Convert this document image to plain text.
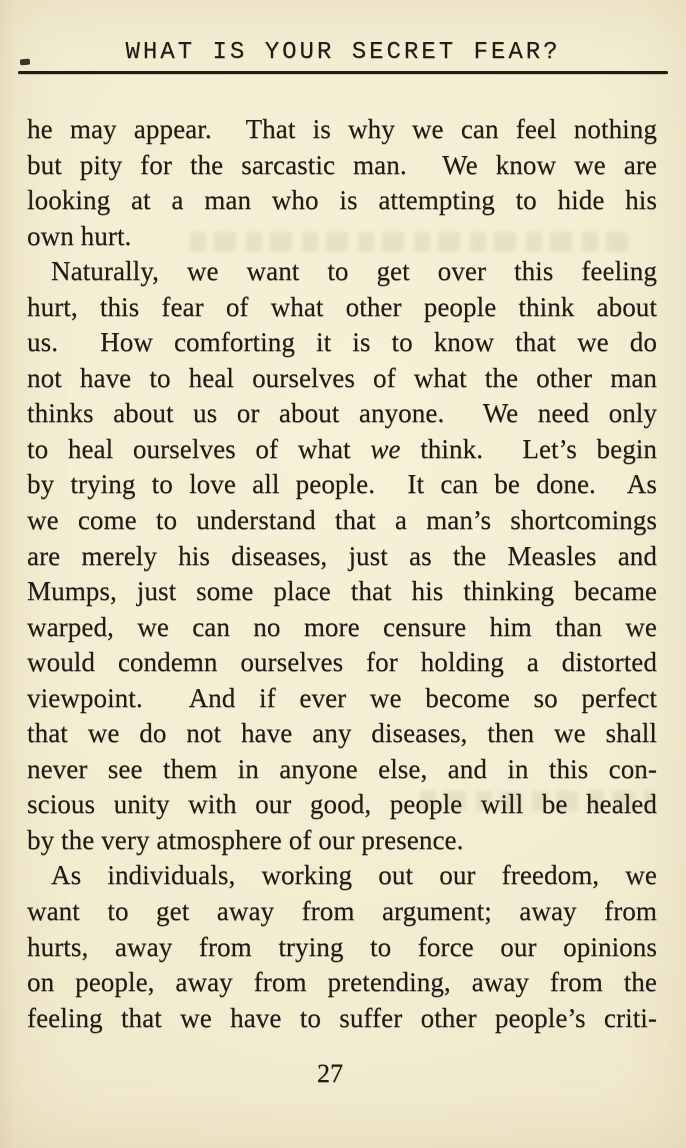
WHAT IS YOUR SECRET FEAR?
he may appear.  That is why we can feel nothing
but pity for the sarcastic man.  We know we are
looking at a man who is attempting to hide his
own hurt.
Naturally, we want to get over this feeling
hurt, this fear of what other people think about
us.  How comforting it is to know that we do
not have to heal ourselves of what the other man
thinks about us or about anyone.  We need only
to heal ourselves of what we think.  Let’s begin
by trying to love all people.  It can be done.  As
we come to understand that a man’s shortcomings
are merely his diseases, just as the Measles and
Mumps, just some place that his thinking became
warped, we can no more censure him than we
would condemn ourselves for holding a distorted
viewpoint.  And if ever we become so perfect
that we do not have any diseases, then we shall
never see them in anyone else, and in this con-
scious unity with our good, people will be healed
by the very atmosphere of our presence.
As individuals, working out our freedom, we
want to get away from argument; away from
hurts, away from trying to force our opinions
on people, away from pretending, away from the
feeling that we have to suffer other people’s criti-
27
